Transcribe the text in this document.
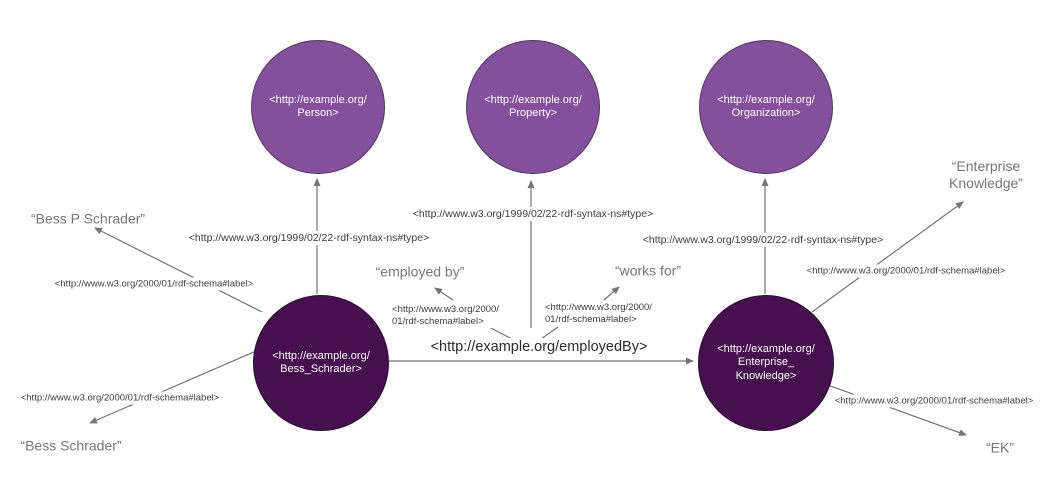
<http://example.org/
Person>
<http://example.org/
Property>
<http://example.org/
Organization>
<http://example.org/
Bess_Schrader>
<http://example.org/
Enterprise_
Knowledge>
<http://www.w3.org/1999/02/22-rdf-syntax-ns#type>
<http://www.w3.org/1999/02/22-rdf-syntax-ns#type>
<http://www.w3.org/1999/02/22-rdf-syntax-ns#type>
<http://www.w3.org/2000/01/rdf-schema#label>
<http://www.w3.org/2000/01/rdf-schema#label>
<http://www.w3.org/2000/01/rdf-schema#label>
<http://www.w3.org/2000/01/rdf-schema#label>
<http://www.w3.org/2000/
01/rdf-schema#label>
<http://www.w3.org/2000/
01/rdf-schema#label>
<http://example.org/employedBy>
“Bess P Schrader”
“Bess Schrader”
“employed by”	“works for”
“Enterprise
Knowledge”
“EK”
